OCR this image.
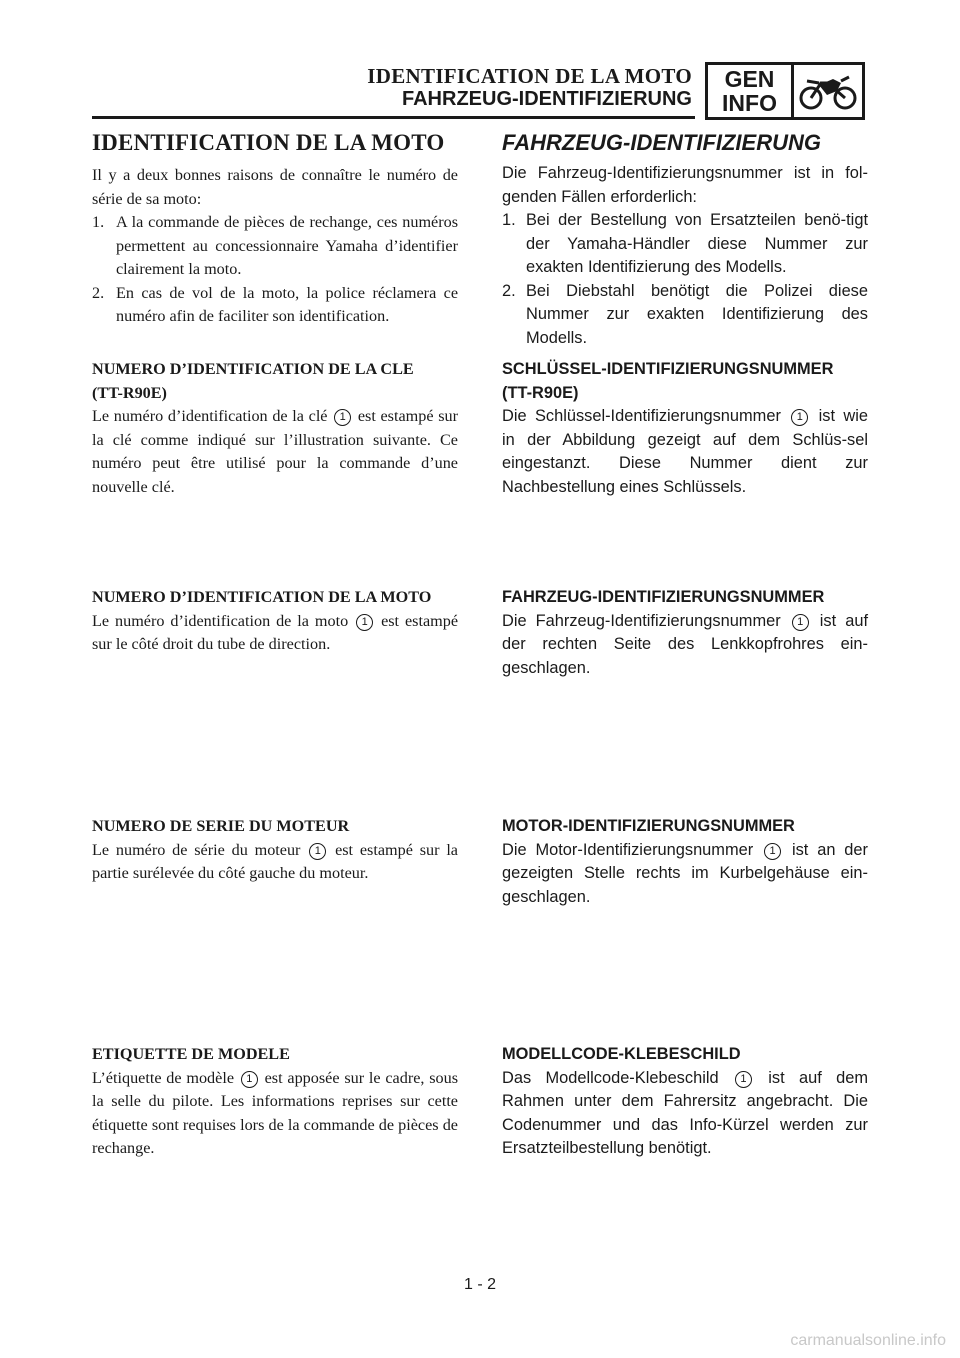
IDENTIFICATION DE LA MOTO
FAHRZEUG-IDENTIFIZIERUNG
GEN
INFO
IDENTIFICATION DE LA MOTO

Il y a deux bonnes raisons de connaître le numéro de série de sa moto:

1. A la commande de pièces de rechange, ces numéros permettent au concessionnaire Yamaha d’identifier clairement la moto.
2. En cas de vol de la moto, la police réclamera ce numéro afin de faciliter son identification.
FAHRZEUG-IDENTIFIZIERUNG

Die Fahrzeug-Identifizierungsnummer ist in fol-genden Fällen erforderlich:

1. Bei der Bestellung von Ersatzteilen benö-tigt der Yamaha-Händler diese Nummer zur exakten Identifizierung des Modells.
2. Bei Diebstahl benötigt die Polizei diese Nummer zur exakten Identifizierung des Modells.

NUMERO D’IDENTIFICATION DE LA CLE

(TT-R90E)

Le numéro d’identification de la clé 1 est estampé sur la clé comme indiqué sur l’illustration suivante. Ce numéro peut être utilisé pour la commande d’une nouvelle clé.

SCHLÜSSEL-IDENTIFIZIERUNGSNUMMER

(TT-R90E)

Die Schlüssel-Identifizierungsnummer 1 ist wie in der Abbildung gezeigt auf dem Schlüs-sel eingestanzt. Diese Nummer dient zur Nachbestellung eines Schlüssels.

NUMERO D’IDENTIFICATION DE LA MOTO

Le numéro d’identification de la moto 1 est estampé sur le côté droit du tube de direction.

FAHRZEUG-IDENTIFIZIERUNGSNUMMER

Die Fahrzeug-Identifizierungsnummer 1 ist auf der rechten Seite des Lenkkopfrohres ein-geschlagen.

NUMERO DE SERIE DU MOTEUR

Le numéro de série du moteur 1 est estampé sur la partie surélevée du côté gauche du moteur.

MOTOR-IDENTIFIZIERUNGSNUMMER

Die Motor-Identifizierungsnummer 1 ist an der gezeigten Stelle rechts im Kurbelgehäuse ein-geschlagen.

ETIQUETTE DE MODELE

L’étiquette de modèle 1 est apposée sur le cadre, sous la selle du pilote. Les informations reprises sur cette étiquette sont requises lors de la commande de pièces de rechange.

MODELLCODE-KLEBESCHILD

Das Modellcode-Klebeschild 1 ist auf dem Rahmen unter dem Fahrersitz angebracht. Die Codenummer und das Info-Kürzel werden zur Ersatzteilbestellung benötigt.

1 - 2
carmanualsonline.info
